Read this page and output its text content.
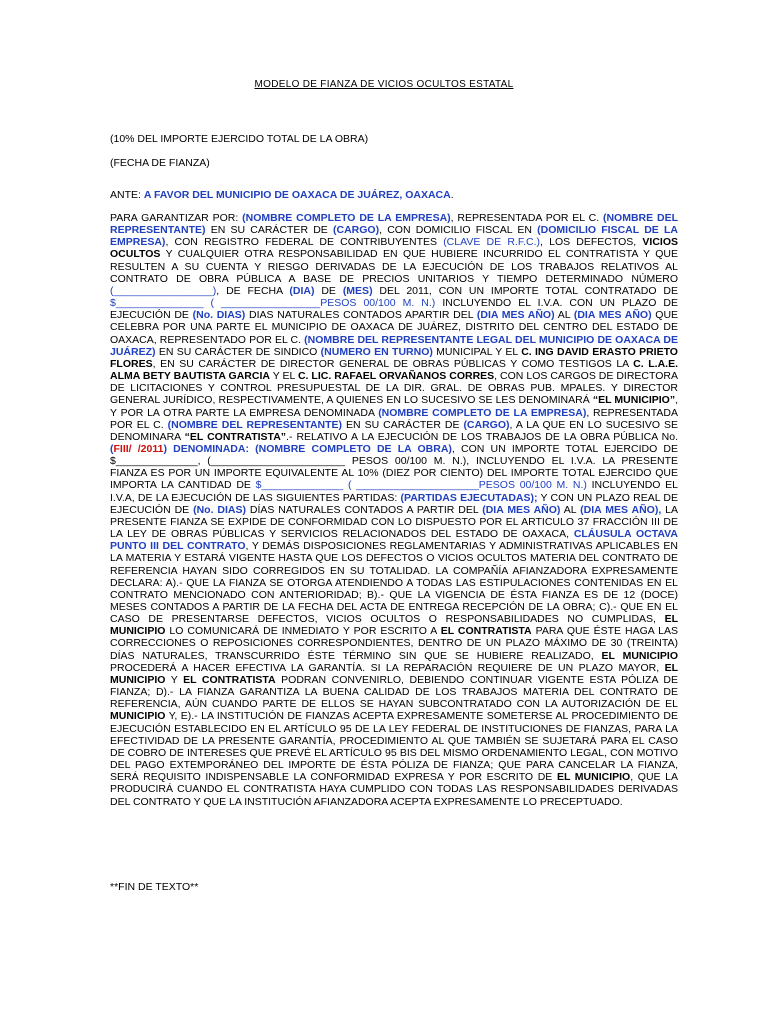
MODELO DE FIANZA DE VICIOS OCULTOS ESTATAL
(10% DEL IMPORTE EJERCIDO TOTAL DE LA OBRA)
(FECHA DE FIANZA)
ANTE: A FAVOR DEL MUNICIPIO DE OAXACA DE JUÁREZ, OAXACA.
PARA GARANTIZAR POR: (NOMBRE COMPLETO DE LA EMPRESA), REPRESENTADA POR EL C. (NOMBRE DEL REPRESENTANTE) EN SU CARÁCTER DE (CARGO), CON DOMICILIO FISCAL EN (DOMICILIO FISCAL DE LA EMPRESA), CON REGISTRO FEDERAL DE CONTRIBUYENTES (CLAVE DE R.F.C.), LOS DEFECTOS, VICIOS OCULTOS Y CUALQUIER OTRA RESPONSABILIDAD EN QUE HUBIERE INCURRIDO EL CONTRATISTA Y QUE RESULTEN A SU CUENTA Y RIESGO DERIVADAS DE LA EJECUCIÓN DE LOS TRABAJOS RELATIVOS AL CONTRATO DE OBRA PÚBLICA A BASE DE PRECIOS UNITARIOS Y TIEMPO DETERMINADO NÚMERO (_________________), DE FECHA (DIA) DE (MES) DEL 2011, CON UN IMPORTE TOTAL CONTRATADO DE $_______________ ( _________________PESOS 00/100 M. N.) INCLUYENDO EL I.V.A. CON UN PLAZO DE EJECUCIÓN DE (No. DIAS) DIAS NATURALES CONTADOS APARTIR DEL (DIA MES AÑO) AL (DIA MES AÑO) QUE CELEBRA POR UNA PARTE EL MUNICIPIO DE OAXACA DE JUÁREZ, DISTRITO DEL CENTRO DEL ESTADO DE OAXACA, REPRESENTADO POR EL C. (NOMBRE DEL REPRESENTANTE LEGAL DEL MUNICIPIO DE OAXACA DE JUÁREZ) EN SU CARÁCTER DE SINDICO (NUMERO EN TURNO) MUNICIPAL Y EL C. ING DAVID ERASTO PRIETO FLORES, EN SU CARÁCTER DE DIRECTOR GENERAL DE OBRAS PÚBLICAS Y COMO TESTIGOS LA C. L.A.E. ALMA BETY BAUTISTA GARCIA Y EL C. LIC. RAFAEL ORVAÑANOS CORRES, CON LOS CARGOS DE DIRECTORA DE LICITACIONES Y CONTROL PRESUPUESTAL DE LA DIR. GRAL. DE OBRAS PUB. MPALES. Y DIRECTOR GENERAL JURÍDICO, RESPECTIVAMENTE, A QUIENES EN LO SUCESIVO SE LES DENOMINARÁ “EL MUNICIPIO”, Y POR LA OTRA PARTE LA EMPRESA DENOMINADA (NOMBRE COMPLETO DE LA EMPRESA), REPRESENTADA POR EL C. (NOMBRE DEL REPRESENTANTE) EN SU CARÁCTER DE (CARGO), A LA QUE EN LO SUCESIVO SE DENOMINARA “EL CONTRATISTA”.- RELATIVO A LA EJECUCIÓN DE LOS TRABAJOS DE LA OBRA PÚBLICA No. (FIII/ /2011) DENOMINADA: (NOMBRE COMPLETO DE LA OBRA), CON UN IMPORTE TOTAL EJERCIDO DE $______________, (_______________________ PESOS 00/100 M. N.), INCLUYENDO EL I.V.A. LA PRESENTE FIANZA ES POR UN IMPORTE EQUIVALENTE AL 10% (DIEZ POR CIENTO) DEL IMPORTE TOTAL EJERCIDO QUE IMPORTA LA CANTIDAD DE $______________ ( _____________________PESOS 00/100 M. N.) INCLUYENDO EL I.V.A, DE LA EJECUCIÓN DE LAS SIGUIENTES PARTIDAS: (PARTIDAS EJECUTADAS); Y CON UN PLAZO REAL DE EJECUCIÓN DE (No. DIAS) DÍAS NATURALES CONTADOS A PARTIR DEL (DIA MES AÑO) AL (DIA MES AÑO), LA PRESENTE FIANZA SE EXPIDE DE CONFORMIDAD CON LO DISPUESTO POR EL ARTICULO 37 FRACCIÓN III DE LA LEY DE OBRAS PÚBLICAS Y SERVICIOS RELACIONADOS DEL ESTADO DE OAXACA, CLÁUSULA OCTAVA PUNTO III DEL CONTRATO, Y DEMÁS DISPOSICIONES REGLAMENTARIAS Y ADMINISTRATIVAS APLICABLES EN LA MATERIA Y ESTARÁ VIGENTE HASTA QUE LOS DEFECTOS O VICIOS OCULTOS MATERIA DEL CONTRATO DE REFERENCIA HAYAN SIDO CORREGIDOS EN SU TOTALIDAD. LA COMPAÑÍA AFIANZADORA EXPRESAMENTE DECLARA: A).- QUE LA FIANZA SE OTORGA ATENDIENDO A TODAS LAS ESTIPULACIONES CONTENIDAS EN EL CONTRATO MENCIONADO CON ANTERIORIDAD; B).- QUE LA VIGENCIA DE ÉSTA FIANZA ES DE 12 (DOCE) MESES CONTADOS A PARTIR DE LA FECHA DEL ACTA DE ENTREGA RECEPCIÓN DE LA OBRA; C).- QUE EN EL CASO DE PRESENTARSE DEFECTOS, VICIOS OCULTOS O RESPONSABILIDADES NO CUMPLIDAS, EL MUNICIPIO LO COMUNICARÁ DE INMEDIATO Y POR ESCRITO A EL CONTRATISTA PARA QUE ÉSTE HAGA LAS CORRECCIONES O REPOSICIONES CORRESPONDIENTES, DENTRO DE UN PLAZO MÁXIMO DE 30 (TREINTA) DÍAS NATURALES, TRANSCURRIDO ÉSTE TÉRMINO SIN QUE SE HUBIERE REALIZADO, EL MUNICIPIO PROCEDERÁ A HACER EFECTIVA LA GARANTÍA. SI LA REPARACIÓN REQUIERE DE UN PLAZO MAYOR, EL MUNICIPIO Y EL CONTRATISTA PODRAN CONVENIRLO, DEBIENDO CONTINUAR VIGENTE ESTA PÓLIZA DE FIANZA; D).- LA FIANZA GARANTIZA LA BUENA CALIDAD DE LOS TRABAJOS MATERIA DEL CONTRATO DE REFERENCIA, AÚN CUANDO PARTE DE ELLOS SE HAYAN SUBCONTRATADO CON LA AUTORIZACIÓN DE EL MUNICIPIO Y, E).- LA INSTITUCIÓN DE FIANZAS ACEPTA EXPRESAMENTE SOMETERSE AL PROCEDIMIENTO DE EJECUCIÓN ESTABLECIDO EN EL ARTÍCULO 95 DE LA LEY FEDERAL DE INSTITUCIONES DE FIANZAS, PARA LA EFECTIVIDAD DE LA PRESENTE GARANTÍA, PROCEDIMIENTO AL QUE TAMBIÉN SE SUJETARÁ PARA EL CASO DE COBRO DE INTERESES QUE PREVÉ EL ARTÍCULO 95 BIS DEL MISMO ORDENAMIENTO LEGAL, CON MOTIVO DEL PAGO EXTEMPORÁNEO DEL IMPORTE DE ÉSTA PÓLIZA DE FIANZA; QUE PARA CANCELAR LA FIANZA, SERÁ REQUISITO INDISPENSABLE LA CONFORMIDAD EXPRESA Y POR ESCRITO DE EL MUNICIPIO, QUE LA PRODUCIRÁ CUANDO EL CONTRATISTA HAYA CUMPLIDO CON TODAS LAS RESPONSABILIDADES DERIVADAS DEL CONTRATO Y QUE LA INSTITUCIÓN AFIANZADORA ACEPTA EXPRESAMENTE LO PRECEPTUADO.
**FIN DE TEXTO**
